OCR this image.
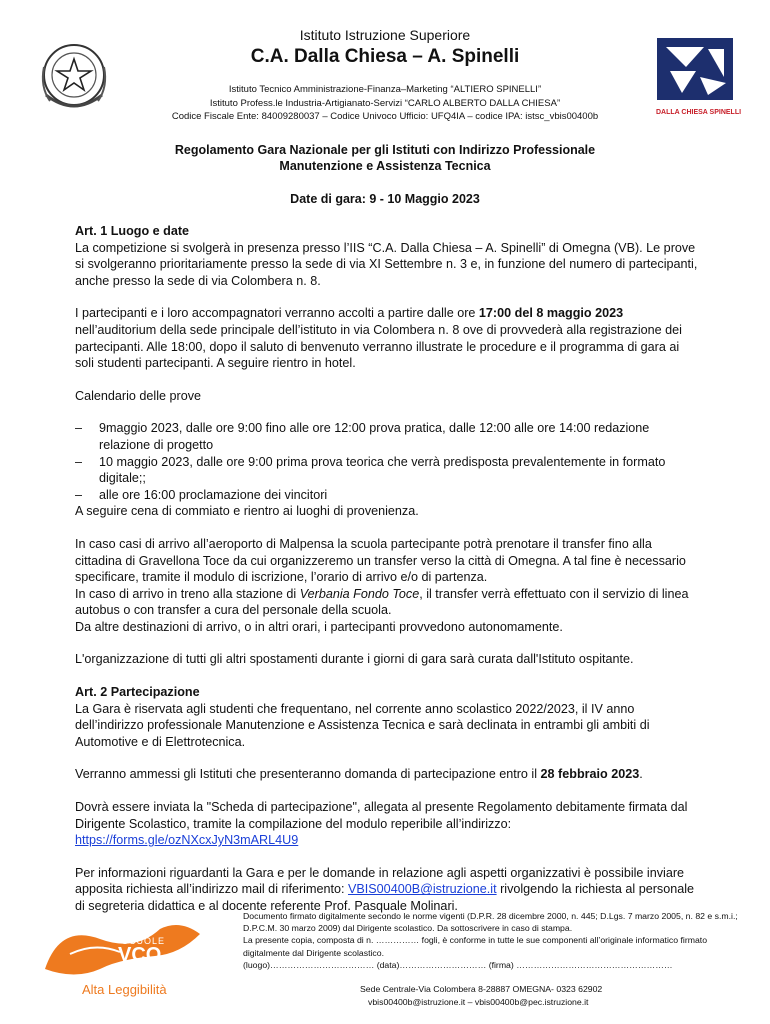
DALLA CHIESA SPINELLI
Istituto Istruzione Superiore
C.A. Dalla Chiesa – A. Spinelli
Istituto Tecnico Amministrazione-Finanza–Marketing “ALTIERO SPINELLI”
Istituto Profess.le Industria-Artigianato-Servizi “CARLO ALBERTO DALLA CHIESA”
Codice Fiscale Ente: 84009280037 – Codice Univoco Ufficio: UFQ4IA – codice IPA: istsc_vbis00400b
Regolamento Gara Nazionale per gli Istituti con Indirizzo Professionale
Manutenzione e Assistenza Tecnica
Date di gara: 9 - 10 Maggio 2023

Art. 1 Luogo e date

La competizione si svolgerà in presenza presso l’IIS “C.A. Dalla Chiesa – A. Spinelli” di Omegna (VB). Le prove si svolgeranno prioritariamente presso la sede di via XI Settembre n. 3 e, in funzione del numero di partecipanti, anche presso la sede di via Colombera n. 8.

I partecipanti e i loro accompagnatori verranno accolti a partire dalle ore 17:00 del 8 maggio 2023 nell’auditorium della sede principale dell’istituto in via Colombera n. 8 ove di provvederà alla registrazione dei partecipanti. Alle 18:00, dopo il saluto di benvenuto verranno illustrate le procedure e il programma di gara ai soli studenti partecipanti. A seguire rientro in hotel.

Calendario delle prove

– 9maggio 2023, dalle ore 9:00 fino alle ore 12:00 prova pratica, dalle 12:00 alle ore 14:00 redazione relazione di progetto
– 10 maggio 2023, dalle ore 9:00 prima prova teorica che verrà predisposta prevalentemente in formato digitale;;
– alle ore 16:00 proclamazione dei vincitori

A seguire cena di commiato e rientro ai luoghi di provenienza.

In caso casi di arrivo all’aeroporto di Malpensa la scuola partecipante potrà prenotare il transfer fino alla cittadina di Gravellona Toce da cui organizzeremo un transfer verso la città di Omegna. A tal fine è necessario specificare, tramite il modulo di iscrizione, l’orario di arrivo e/o di partenza.

In caso di arrivo in treno alla stazione di Verbania Fondo Toce, il transfer verrà effettuato con il servizio di linea autobus o con transfer a cura del personale della scuola.

Da altre destinazioni di arrivo, o in altri orari, i partecipanti provvedono autonomamente.

L'organizzazione di tutti gli altri spostamenti durante i giorni di gara sarà curata dall'Istituto ospitante.

Art. 2 Partecipazione

La Gara è riservata agli studenti che frequentano, nel corrente anno scolastico 2022/2023, il IV anno dell’indirizzo professionale Manutenzione e Assistenza Tecnica e sarà declinata in entrambi gli ambiti di Automotive e di Elettrotecnica.

Verranno ammessi gli Istituti che presenteranno domanda di partecipazione entro il 28 febbraio 2023.

Dovrà essere inviata la "Scheda di partecipazione", allegata al presente Regolamento debitamente firmata dal Dirigente Scolastico, tramite la compilazione del modulo reperibile all’indirizzo:

https://forms.gle/ozNXcxJyN3mARL4U9

Per informazioni riguardanti la Gara e per le domande in relazione agli aspetti organizzativi è possibile inviare apposita richiesta all’indirizzo mail di riferimento: VBIS00400B@istruzione.it rivolgendo la richiesta al personale di segreteria didattica e al docente referente Prof. Pasquale Molinari.

SCUOLE
VCO
Alta Leggibilità
Documento firmato digitalmente secondo le norme vigenti (D.P.R. 28 dicembre 2000, n. 445; D.Lgs. 7 marzo 2005, n. 82 e s.m.i.; D.P.C.M. 30 marzo 2009) dal Dirigente scolastico. Da sottoscrivere in caso di stampa.
La presente copia, composta di n. …………… fogli, è conforme in tutte le sue componenti all’originale informatico firmato digitalmente dal Dirigente scolastico.
(luogo)……………………………… (data)………………………… (firma) ………………………………………………
Sede Centrale-Via Colombera 8-28887 OMEGNA- 0323 62902
vbis00400b@istruzione.it – vbis00400b@pec.istruzione.it
